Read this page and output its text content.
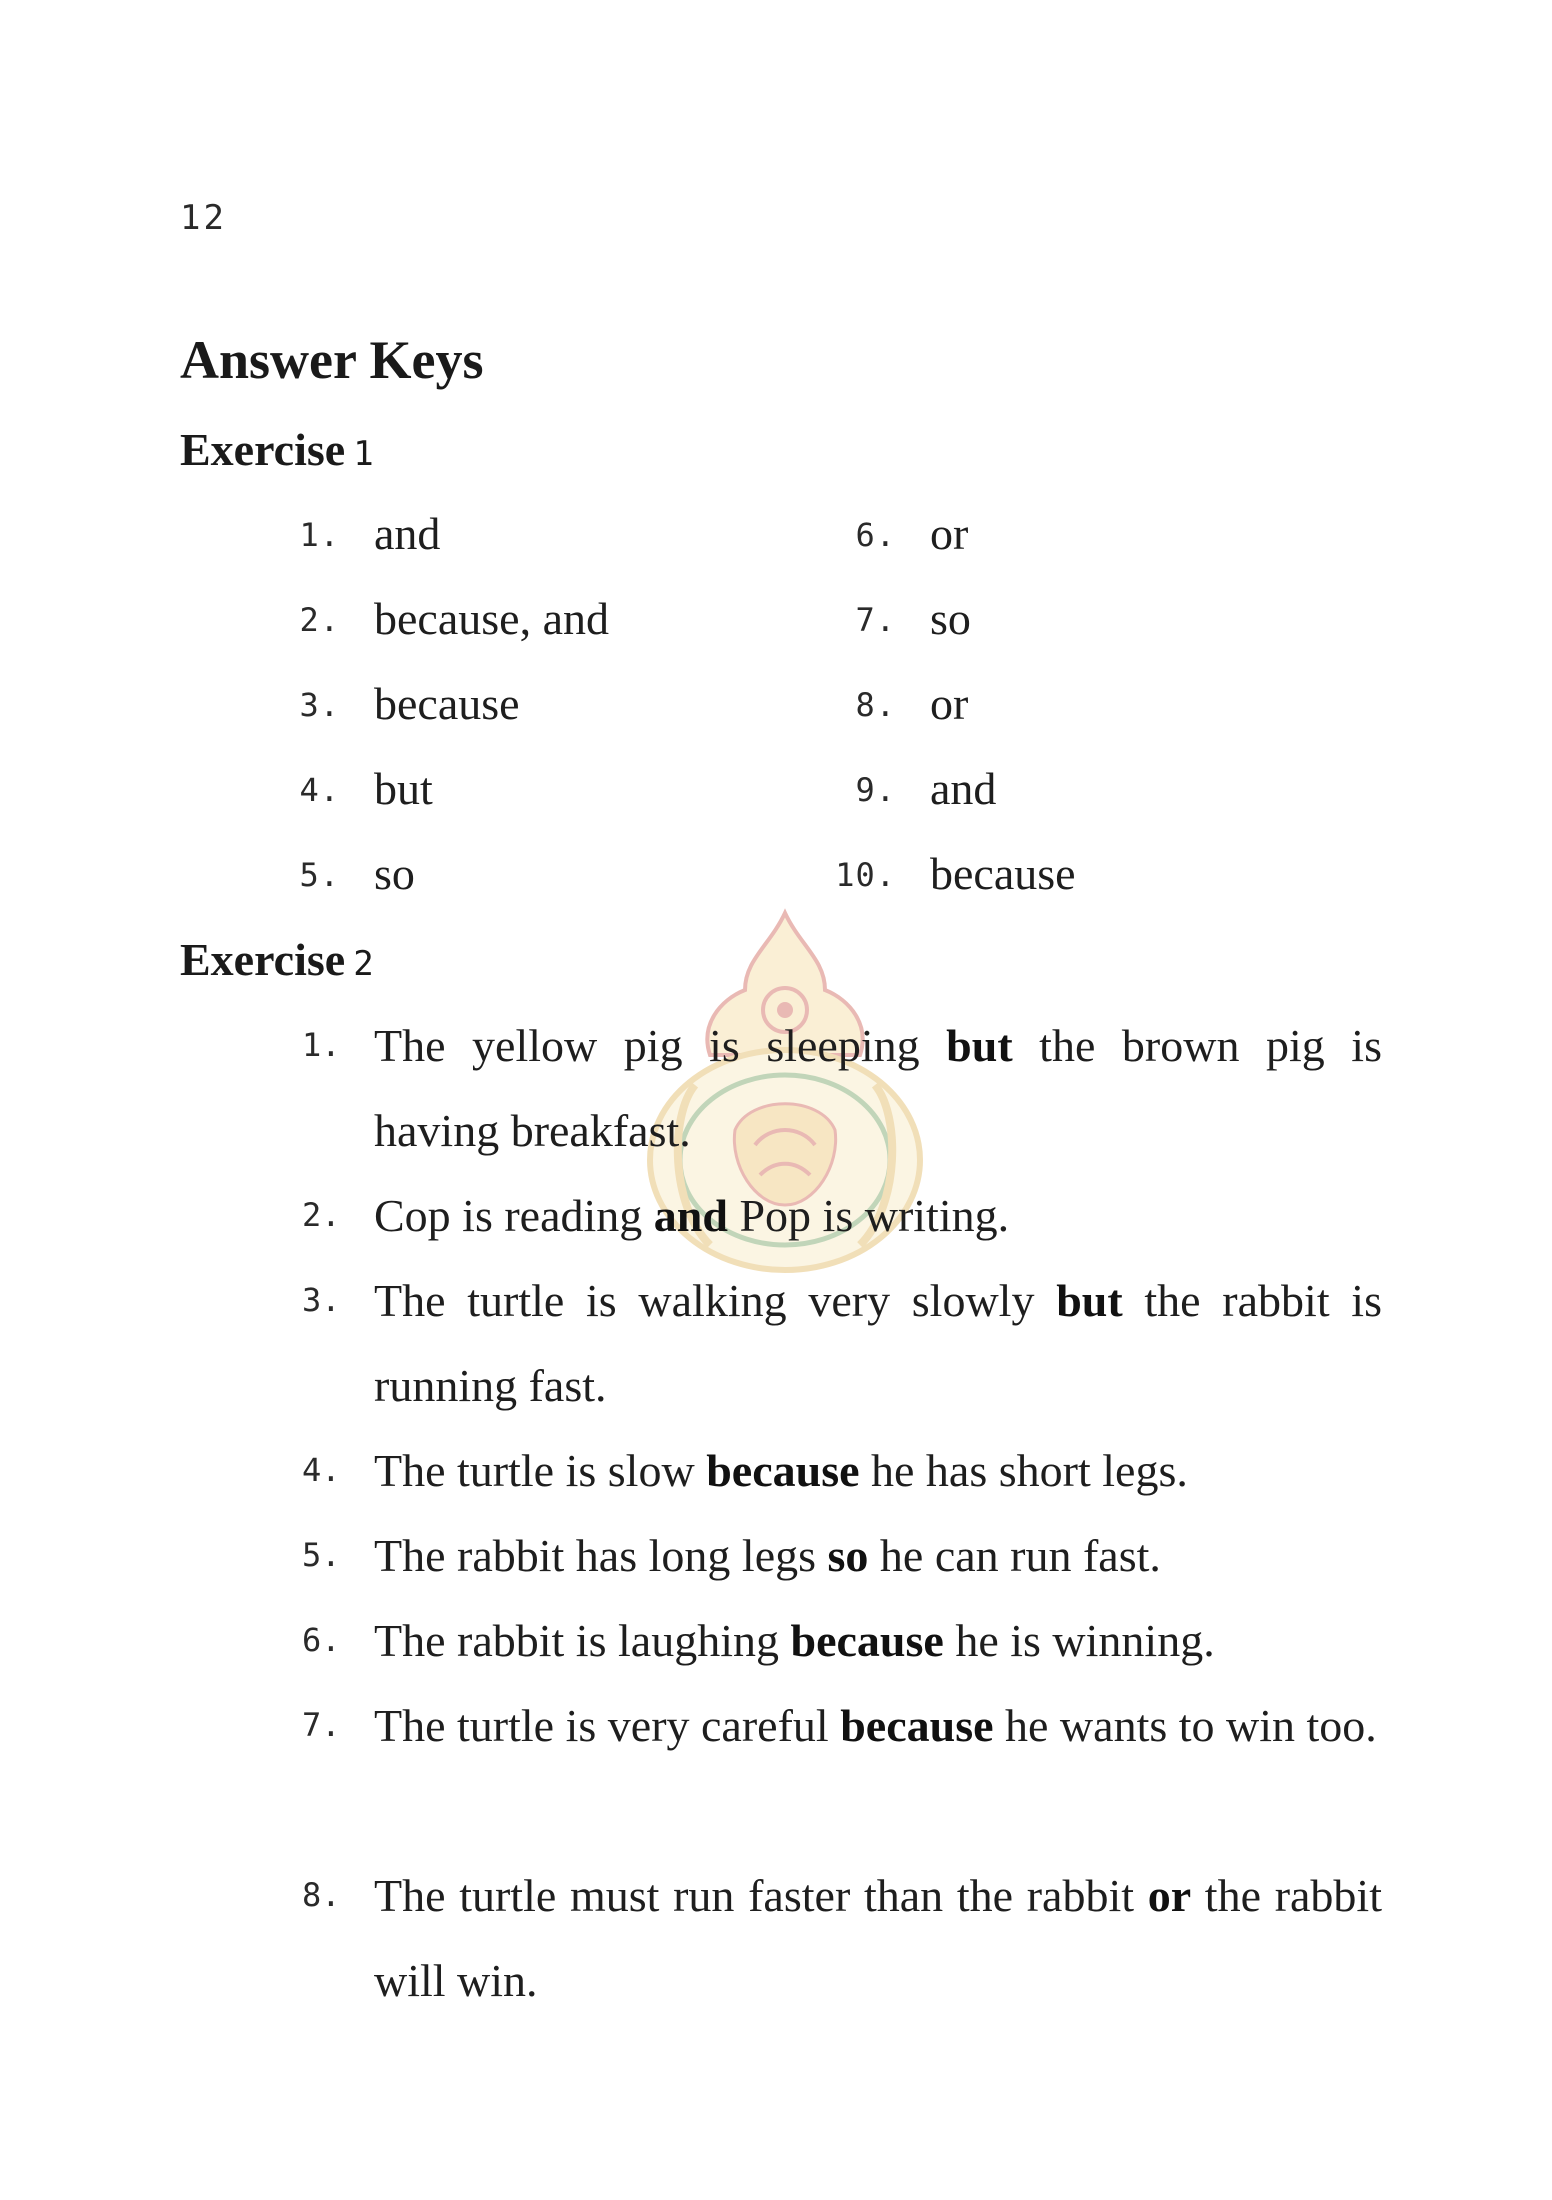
12
Answer Keys
Exercise 1
1. and
2. because, and
3. because
4. but
5. so
6. or
7. so
8. or
9. and
10. because
Exercise 2
1. The yellow pig is sleeping but the brown pig is having breakfast.

2. Cop is reading and Pop is writing.

3. The turtle is walking very slowly but the rabbit is running fast.

4. The turtle is slow because he has short legs.

5. The rabbit has long legs so he can run fast.

6. The rabbit is laughing because he is winning.

7. The turtle is very careful because he wants to win too.

8. The turtle must run faster than the rabbit or the rabbit will win.
